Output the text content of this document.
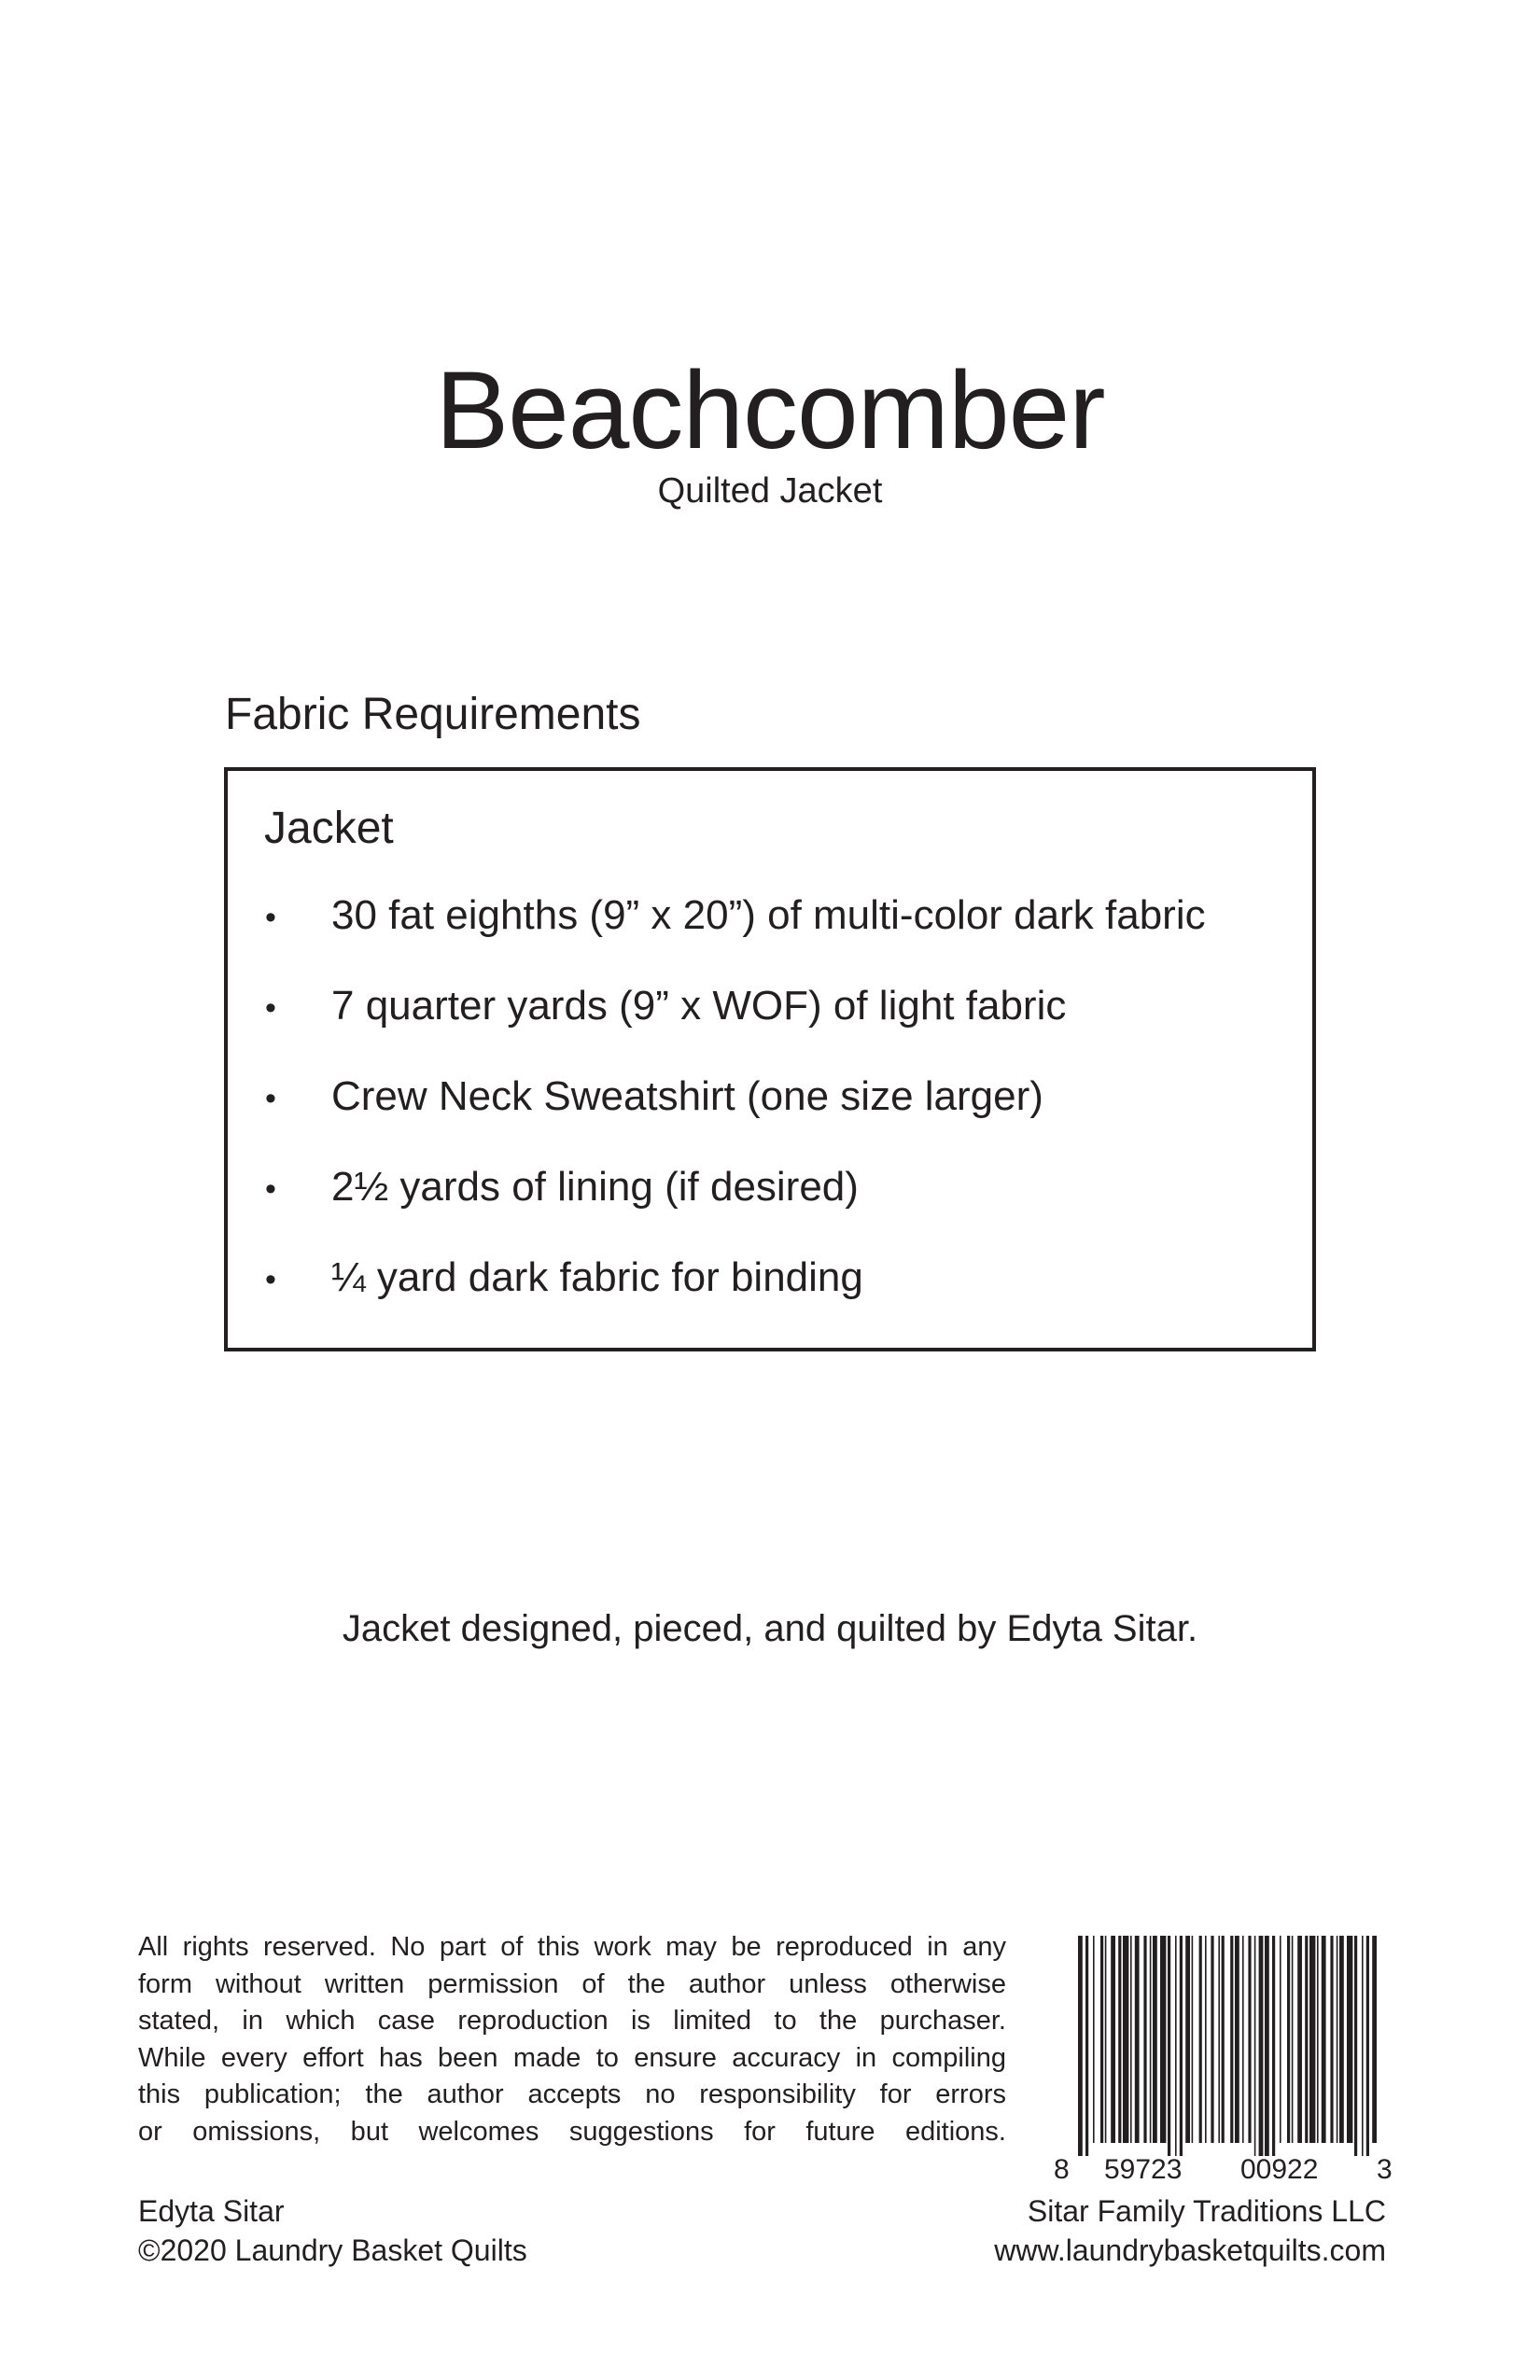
Beachcomber
Quilted Jacket
Fabric Requirements
Jacket
• 30 fat eighths (9” x 20”) of multi-color dark fabric
• 7 quarter yards (9” x WOF) of light fabric
• Crew Neck Sweatshirt (one size larger)
• 2½ yards of lining (if desired)
• ¼ yard dark fabric for binding
Jacket designed, pieced, and quilted by Edyta Sitar.
All rights reserved. No part of this work may be reproduced in any
form without written permission of the author unless otherwise
stated, in which case reproduction is limited to the purchaser.
While every effort has been made to ensure accuracy in compiling
this publication; the author accepts no responsibility for errors
or omissions, but welcomes suggestions for future editions.
8 59723 00922 3
Edyta Sitar
©2020 Laundry Basket Quilts
Sitar Family Traditions LLC
www.laundrybasketquilts.com
